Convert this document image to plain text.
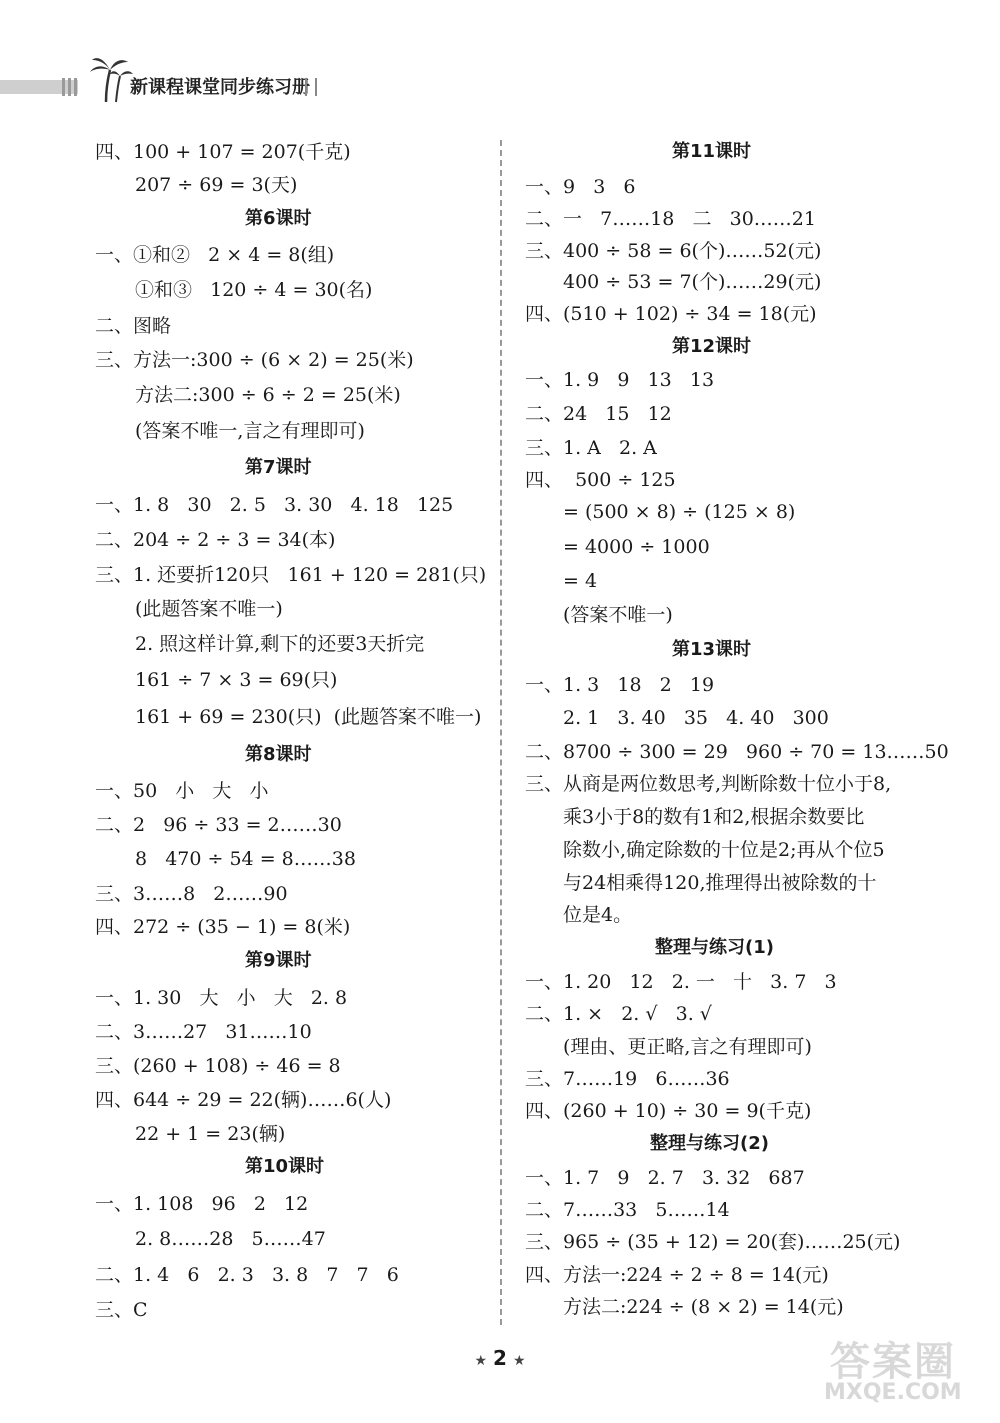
新课程课堂同步练习册
四、100 + 107 = 207(千克)
207 ÷ 69 = 3(天)
第6课时
一、①和②   2 × 4 = 8(组)
①和③   120 ÷ 4 = 30(名)
二、图略
三、方法一:300 ÷ (6 × 2) = 25(米)
方法二:300 ÷ 6 ÷ 2 = 25(米)
(答案不唯一,言之有理即可)
第7课时
一、1. 8   30   2. 5   3. 30   4. 18   125
二、204 ÷ 2 ÷ 3 = 34(本)
三、1. 还要折120只   161 + 120 = 281(只)
(此题答案不唯一)
2. 照这样计算,剩下的还要3天折完
161 ÷ 7 × 3 = 69(只)
161 + 69 = 230(只)  (此题答案不唯一)
第8课时
一、50   小   大   小
二、2   96 ÷ 33 = 2……30
8   470 ÷ 54 = 8……38
三、3……8   2……90
四、272 ÷ (35 − 1) = 8(米)
第9课时
一、1. 30   大   小   大   2. 8
二、3……27   31……10
三、(260 + 108) ÷ 46 = 8
四、644 ÷ 29 = 22(辆)……6(人)
22 + 1 = 23(辆)
第10课时
一、1. 108   96   2   12
2. 8……28   5……47
二、1. 4   6   2. 3   3. 8   7   7   6
三、C
第11课时
一、9   3   6
二、一   7……18   二   30……21
三、400 ÷ 58 = 6(个)……52(元)
400 ÷ 53 = 7(个)……29(元)
四、(510 + 102) ÷ 34 = 18(元)
第12课时
一、1. 9   9   13   13
二、24   15   12
三、1. A   2. A
四、  500 ÷ 125
= (500 × 8) ÷ (125 × 8)
= 4000 ÷ 1000
= 4
(答案不唯一)
第13课时
一、1. 3   18   2   19
2. 1   3. 40   35   4. 40   300
二、8700 ÷ 300 = 29   960 ÷ 70 = 13……50
三、从商是两位数思考,判断除数十位小于8,
乘3小于8的数有1和2,根据余数要比
除数小,确定除数的十位是2;再从个位5
与24相乘得120,推理得出被除数的十
位是4。
整理与练习(1)
一、1. 20   12   2. 一   十   3. 7   3
二、1. ×   2. √   3. √
(理由、更正略,言之有理即可)
三、7……19   6……36
四、(260 + 10) ÷ 30 = 9(千克)
整理与练习(2)
一、1. 7   9   2. 7   3. 32   687
二、7……33   5……14
三、965 ÷ (35 + 12) = 20(套)……25(元)
四、方法一:224 ÷ 2 ÷ 8 = 14(元)
方法二:224 ÷ (8 × 2) = 14(元)
★ 2 ★	答案圈
MXQE.COM
